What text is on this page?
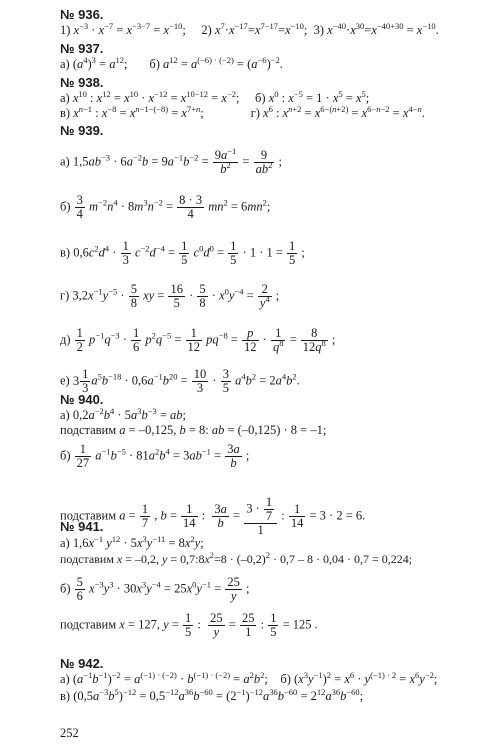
№ 936.
1) $x^{-3} \cdot x^{-7} = x^{-3-7} = x^{-10}$;     2) $x^7\cdot x^{-17}=x^{7-17}=x^{-10}$;  3) $x^{-40}\cdot x^{30}=x^{-40+30} = x^{-10}$.
№ 937.
а) $(a^4)^3 = a^{12}$;       б) $a^{12} = a^{(-6) \cdot (-2)} = (a^{-6})^{-2}$.
№ 938.
а) $x^{10}$ : $x^{12} = x^{10} \cdot x^{-12} = x^{10-12} = x^{-2}$;     б) $x^0$ : $x^{-5} = 1 \cdot x^5 = x^5$;
в) $x^{n-1}$ : $x^{-8} = x^{n-1-(-8)} = x^{7+n}$;               г) $x^6$ : $x^{n+2} = x^{6-(n+2)} = x^{6-n-2} = x^{4-n}$.
№ 939.
а) $1,5ab^{-3} \cdot 6a^{-2}b = 9a^{-1}b^{-2} = \frac{9a^{-1}}{b^2} = \frac{9}{ab^2}$ ;
$б) \frac{3}{4} m^{-2}n^4 \cdot 8m^3n^{-2} = \frac{8 \cdot 3}{4} mn^2 = 6mn^2$;
в) $0,6c^2d^4 \cdot \frac{1}{3} c^{-2}d^{-4} = \frac{1}{5} c^0d^0 = \frac{1}{5} \cdot 1 \cdot 1 = \frac{1}{5}$ ;
г) $3,2x^{-1}y^{-5} \cdot \frac{5}{8}$ xy = $\frac{16}{5} \cdot \frac{5}{8} \cdot x^0y^{-4} = \frac{2}{y^4}$ ;
$д) \frac{1}{2} p^{-1}q^{-3} \cdot \frac{1}{6} p^2q^{-5} = \frac{1}{12} pq^{-8} = \frac{p}{12} \cdot \frac{1}{q^8} = \frac{8}{12q^8}$ ;
е) $3 \frac{1}{3} a^5b^{-18} \cdot 0,6a^{-1}b^{20} = \frac{10}{3} \cdot \frac{3}{5} a^4b^2 = 2a^4b^2$.
№ 940.
а) $0,2a^{-2}b^4 \cdot 5a^3b^{-3}$ = ab;
подставим a = –0,125, b = 8: ab = (–0,125) · 8 = –1;
$б) \frac{1}{27} a^{-1}b^{-5} \cdot 81a^2b^4 = 3ab^{-1} = \frac{3a}{b}$ ;
подставим $a = \frac{1}{7}$ , $b = \frac{1}{14}$ : $\frac{3a}{b} = \frac{3 \cdot \frac{1}{7}}{1}$ : $\frac{1}{14} = 3 \cdot 2 = 6$.
№ 941.
а) $1,6x^{-1}$ $y^{12} \cdot 5x^3y^{-11} = 8x^2y$;
подставим x = –0,2, $y = 0,7:8x^2=8 \cdot (-0,2)^2 \cdot 0,7 - 8 \cdot 0,04 \cdot 0,7 = 0,224$;
$б) \frac{5}{6} x^{-3}y^3 \cdot 30x^3y^{-4} = 25x^0y^{-1} = \frac{25}{y}$ ;
подставим x = 127, $y = \frac{1}{5}$ : $\frac{25}{y} = \frac{25}{1}$ : $\frac{1}{5} = 125$ .
№ 942.
а) $(a^{-1}b^{-1})^{-2} = a^{(-1) \cdot (-2)} \cdot b^{(-1) \cdot (-2)} = a^2b^2$;    б) $(x^3y^{-1})^2 = x^6 \cdot y^{(-1) \cdot 2} = x^6y^{-2}$;
в) $(0,5a^{-3}b^5)^{-12} = 0,5^{-12}a^{36}b^{-60} = (2^{-1})^{-12}a^{36}b^{-60} = 2^{12}a^{36}b^{-60}$;
252
